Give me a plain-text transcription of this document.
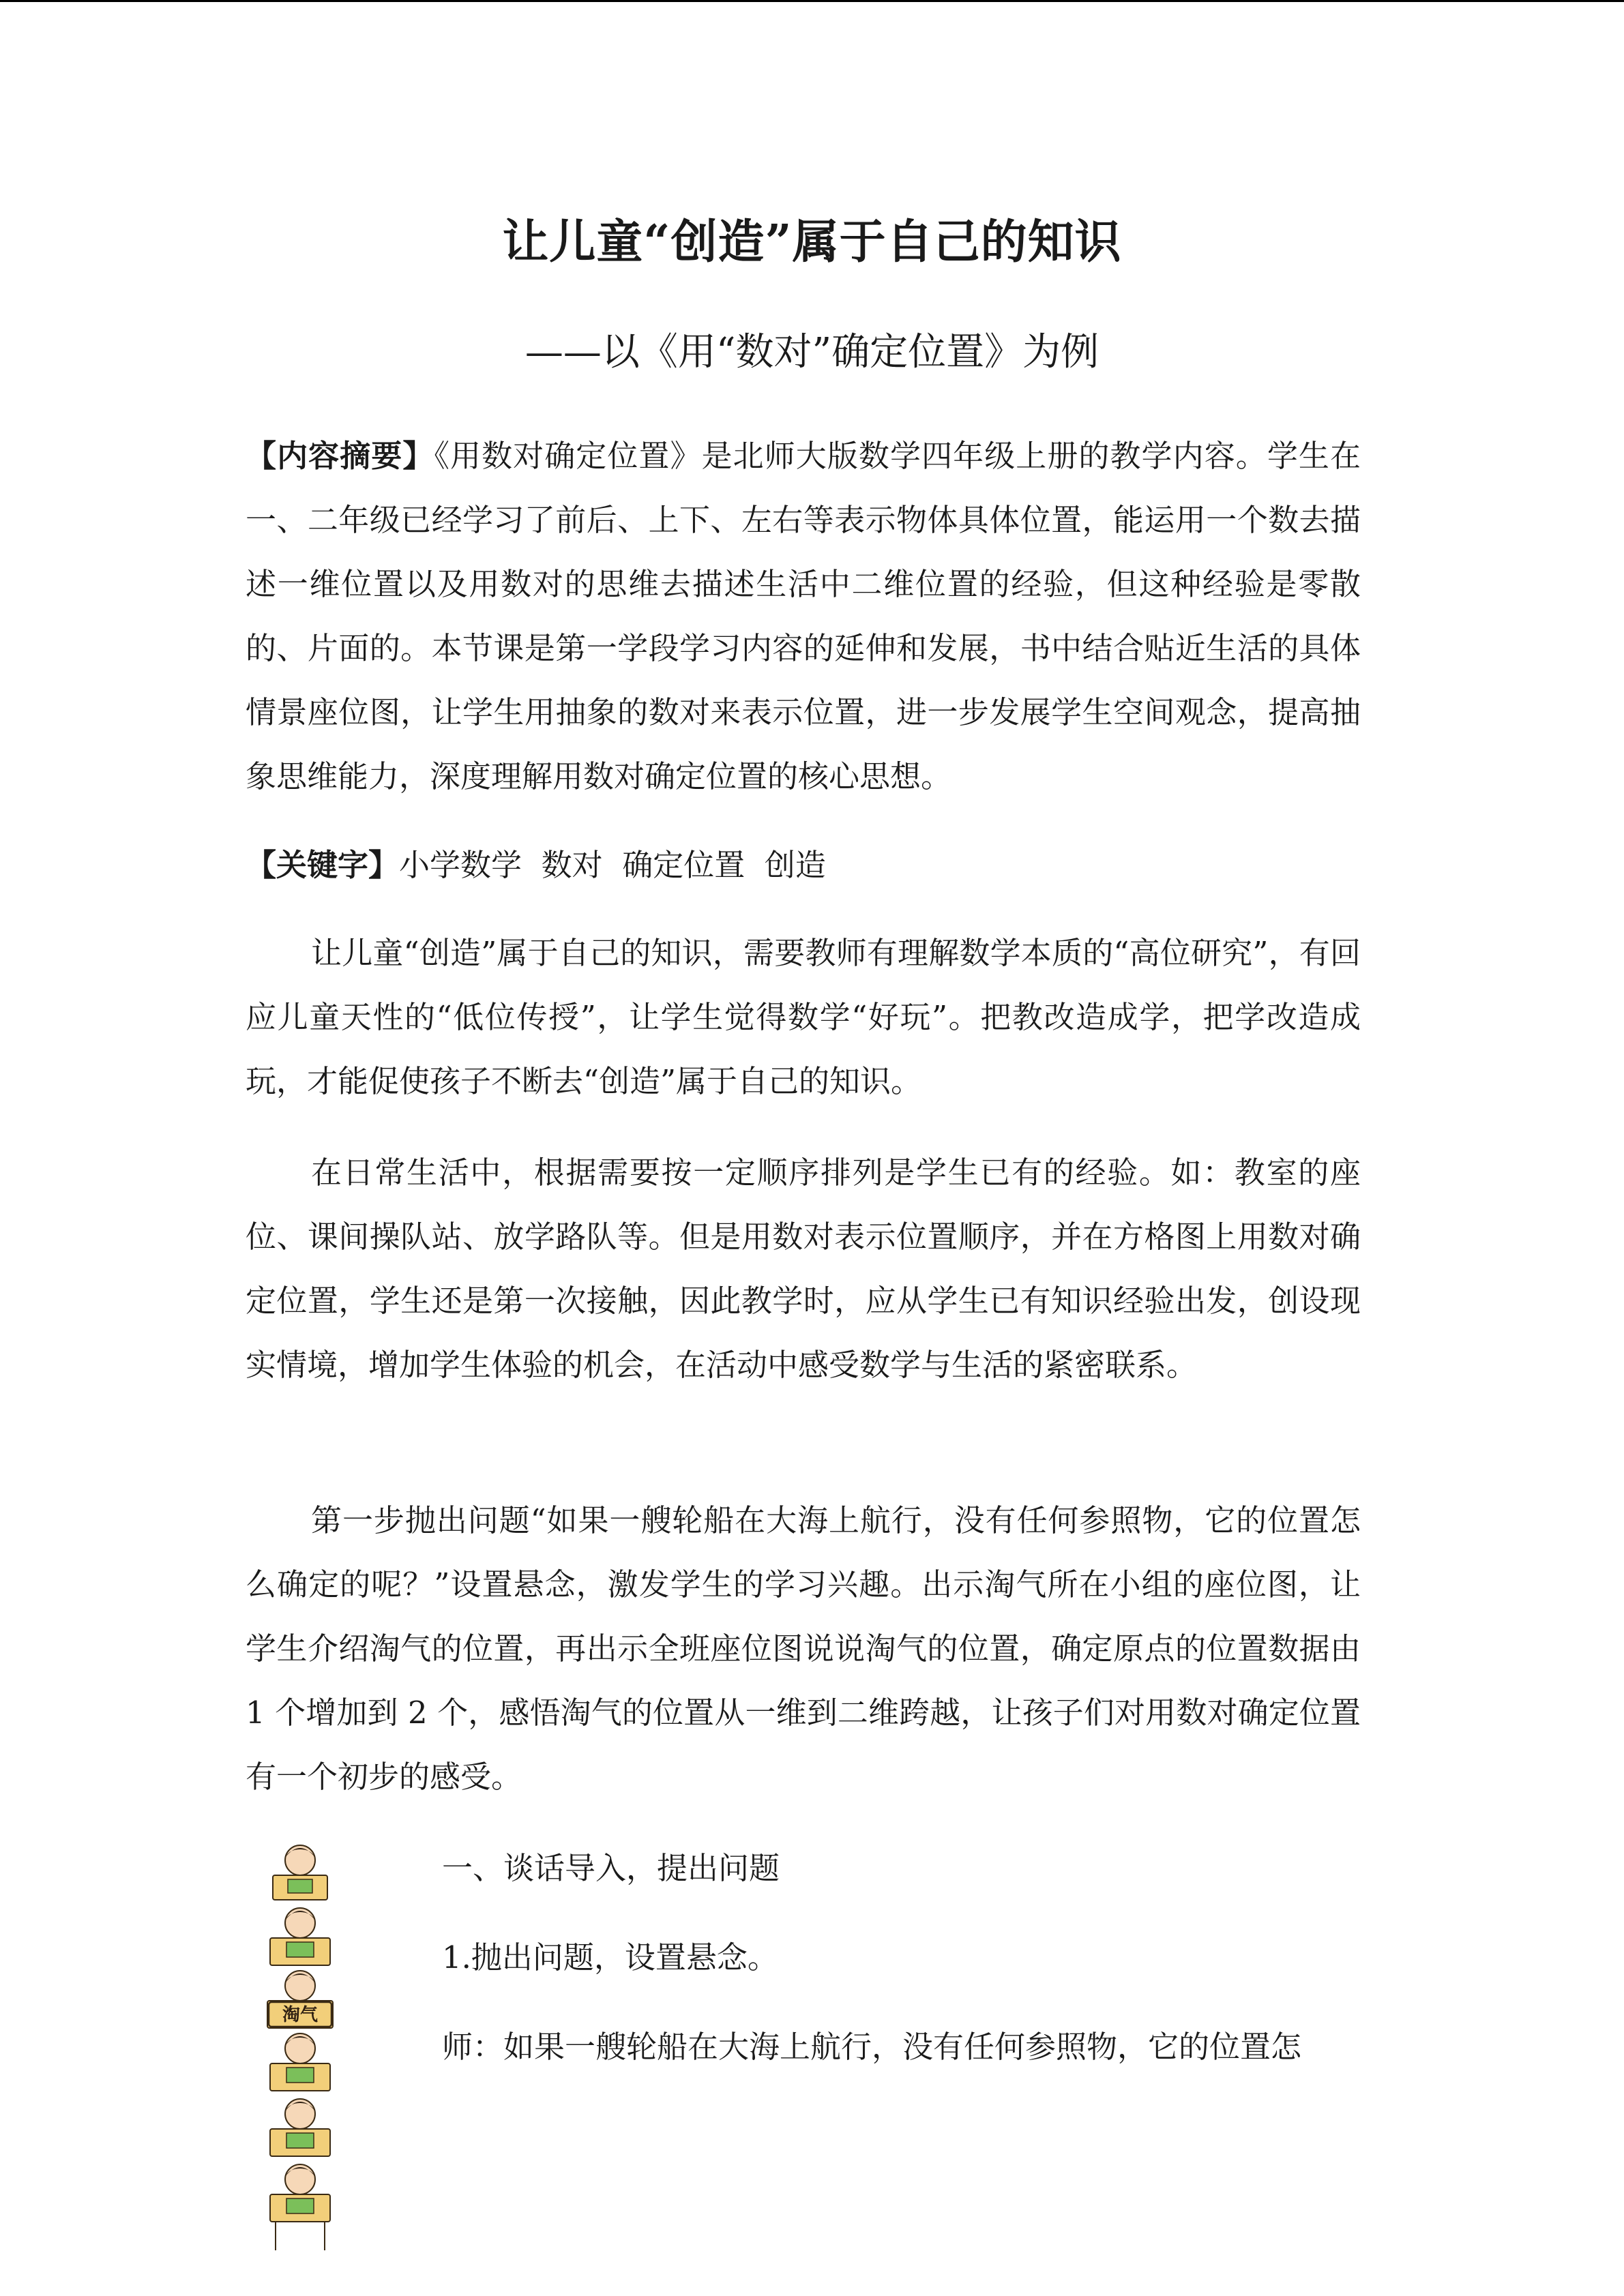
让儿童“创造”属于自己的知识
——以《用“数对”确定位置》为例

【内容摘要】《用数对确定位置》是北师大版数学四年级上册的教学内容。学生在一、二年级已经学习了前后、上下、左右等表示物体具体位置，能运用一个数去描述一维位置以及用数对的思维去描述生活中二维位置的经验，但这种经验是零散的、片面的。本节课是第一学段学习内容的延伸和发展，书中结合贴近生活的具体情景座位图，让学生用抽象的数对来表示位置，进一步发展学生空间观念，提高抽象思维能力，深度理解用数对确定位置的核心思想。

【关键字】小学数学  数对  确定位置  创造

让儿童“创造”属于自己的知识，需要教师有理解数学本质的“高位研究”，有回应儿童天性的“低位传授”，让学生觉得数学“好玩”。把教改造成学，把学改造成玩，才能促使孩子不断去“创造”属于自己的知识。

在日常生活中，根据需要按一定顺序排列是学生已有的经验。如：教室的座位、课间操队站、放学路队等。但是用数对表示位置顺序，并在方格图上用数对确定位置，学生还是第一次接触，因此教学时，应从学生已有知识经验出发，创设现实情境，增加学生体验的机会，在活动中感受数学与生活的紧密联系。

第一步抛出问题“如果一艘轮船在大海上航行，没有任何参照物，它的位置怎么确定的呢？”设置悬念，激发学生的学习兴趣。出示淘气所在小组的座位图，让学生介绍淘气的位置，再出示全班座位图说说淘气的位置，确定原点的位置数据由 1 个增加到 2 个，感悟淘气的位置从一维到二维跨越，让孩子们对用数对确定位置有一个初步的感受。

一、谈话导入，提出问题

1.抛出问题，设置悬念。

师：如果一艘轮船在大海上航行，没有任何参照物，它的位置怎

淘气
